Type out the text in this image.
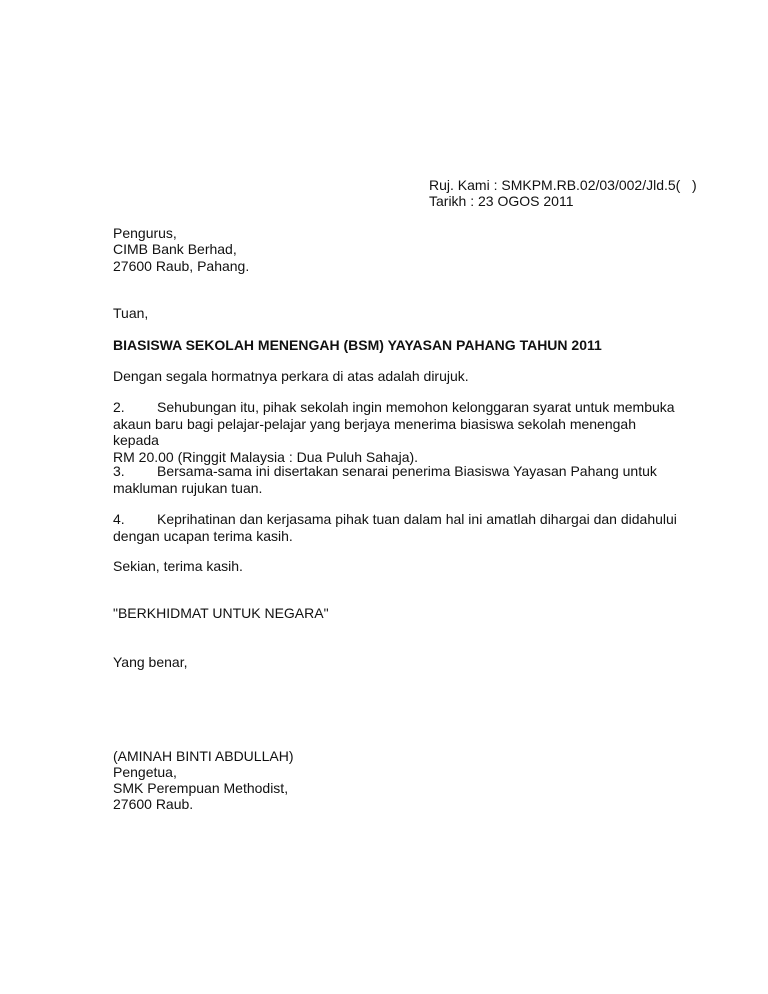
Ruj. Kami : SMKPM.RB.02/03/002/Jld.5(   )
Tarikh : 23 OGOS 2011
Pengurus,
CIMB Bank Berhad,
27600 Raub, Pahang.
Tuan,
BIASISWA SEKOLAH MENENGAH (BSM) YAYASAN PAHANG TAHUN 2011
Dengan segala hormatnya perkara di atas adalah dirujuk.
2. Sehubungan itu, pihak sekolah ingin memohon kelonggaran syarat untuk membuka
akaun baru bagi pelajar-pelajar yang berjaya menerima biasiswa sekolah menengah kepada
RM 20.00 (Ringgit Malaysia : Dua Puluh Sahaja).
3. Bersama-sama ini disertakan senarai penerima Biasiswa Yayasan Pahang untuk
makluman rujukan tuan.
4. Keprihatinan dan kerjasama pihak tuan dalam hal ini amatlah dihargai dan didahului
dengan ucapan terima kasih.
Sekian, terima kasih.
"BERKHIDMAT UNTUK NEGARA"
Yang benar,
(AMINAH BINTI ABDULLAH)
Pengetua,
SMK Perempuan Methodist,
27600 Raub.
